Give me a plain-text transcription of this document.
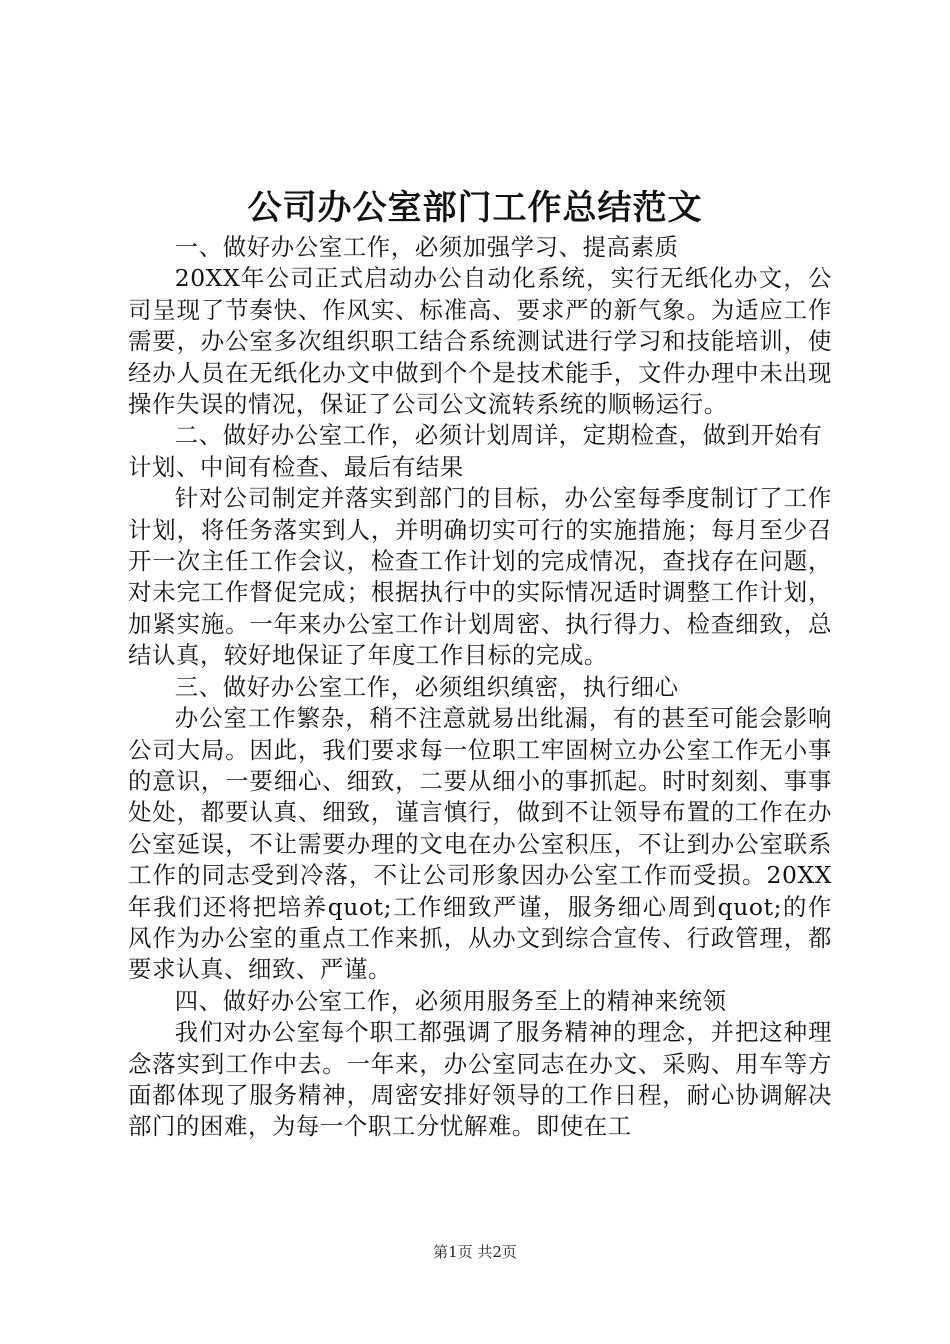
公司办公室部门工作总结范文

一、做好办公室工作，必须加强学习、提高素质

20XX年公司正式启动办公自动化系统，实行无纸化办文，公司呈现了节奏快、作风实、标准高、要求严的新气象。为适应工作需要，办公室多次组织职工结合系统测试进行学习和技能培训，使经办人员在无纸化办文中做到个个是技术能手，文件办理中未出现操作失误的情况，保证了公司公文流转系统的顺畅运行。

二、做好办公室工作，必须计划周详，定期检查，做到开始有计划、中间有检查、最后有结果

针对公司制定并落实到部门的目标，办公室每季度制订了工作计划，将任务落实到人，并明确切实可行的实施措施；每月至少召开一次主任工作会议，检查工作计划的完成情况，查找存在问题，对未完工作督促完成；根据执行中的实际情况适时调整工作计划，加紧实施。一年来办公室工作计划周密、执行得力、检查细致，总结认真，较好地保证了年度工作目标的完成。

三、做好办公室工作，必须组织缜密，执行细心

办公室工作繁杂，稍不注意就易出纰漏，有的甚至可能会影响公司大局。因此，我们要求每一位职工牢固树立办公室工作无小事的意识，一要细心、细致，二要从细小的事抓起。时时刻刻、事事处处，都要认真、细致，谨言慎行，做到不让领导布置的工作在办公室延误，不让需要办理的文电在办公室积压，不让到办公室联系工作的同志受到冷落，不让公司形象因办公室工作而受损。20XX年我们还将把培养quot;工作细致严谨，服务细心周到quot;的作风作为办公室的重点工作来抓，从办文到综合宣传、行政管理，都要求认真、细致、严谨。

四、做好办公室工作，必须用服务至上的精神来统领

我们对办公室每个职工都强调了服务精神的理念，并把这种理念落实到工作中去。一年来，办公室同志在办文、采购、用车等方面都体现了服务精神，周密安排好领导的工作日程，耐心协调解决部门的困难，为每一个职工分忧解难。即使在工

第1页 共2页
